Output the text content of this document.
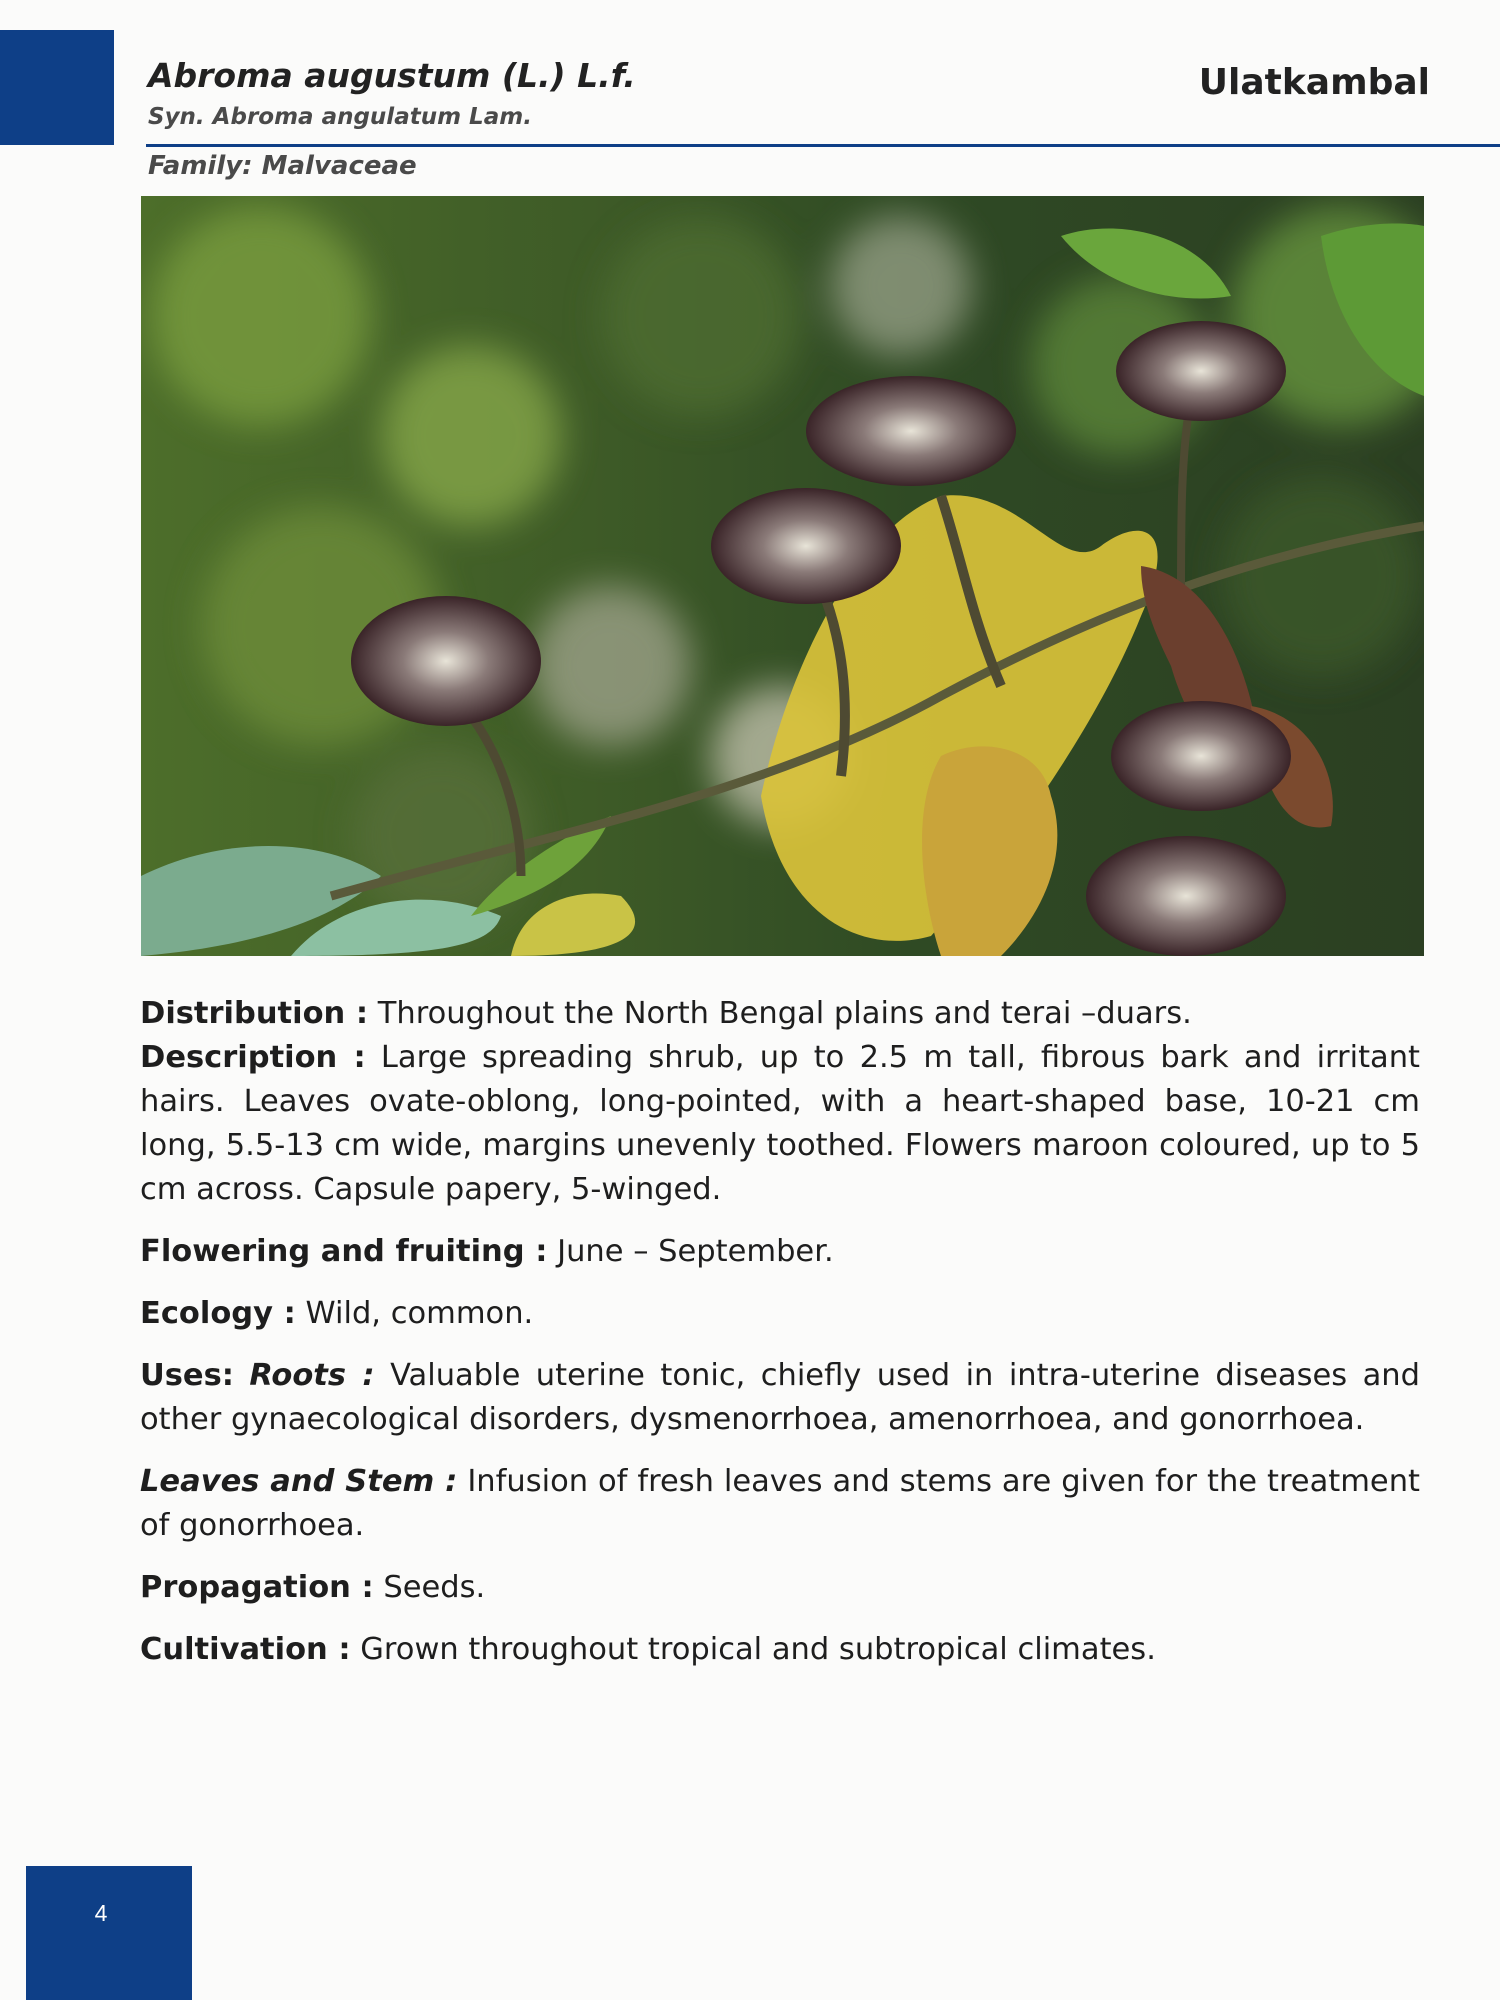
Abroma augustum (L.) L.f.
Syn. Abroma angulatum Lam.
Ulatkambal
Family: Malvaceae

Distribution : Throughout the North Bengal plains and terai –duars.

Description : Large spreading shrub, up to 2.5 m tall, fibrous bark and irritant hairs. Leaves ovate-oblong, long-pointed, with a heart-shaped base, 10-21 cm long, 5.5-13 cm wide, margins unevenly toothed. Flowers maroon coloured, up to 5 cm across. Capsule papery, 5-winged.

Flowering and fruiting : June – September.

Ecology : Wild, common.

Uses: Roots : Valuable uterine tonic, chiefly used in intra-uterine diseases and other gynaecological disorders, dysmenorrhoea, amenorrhoea, and gonorrhoea.

Leaves and Stem : Infusion of fresh leaves and stems are given for the treatment of gonorrhoea.

Propagation : Seeds.

Cultivation : Grown throughout tropical and subtropical climates.

4
